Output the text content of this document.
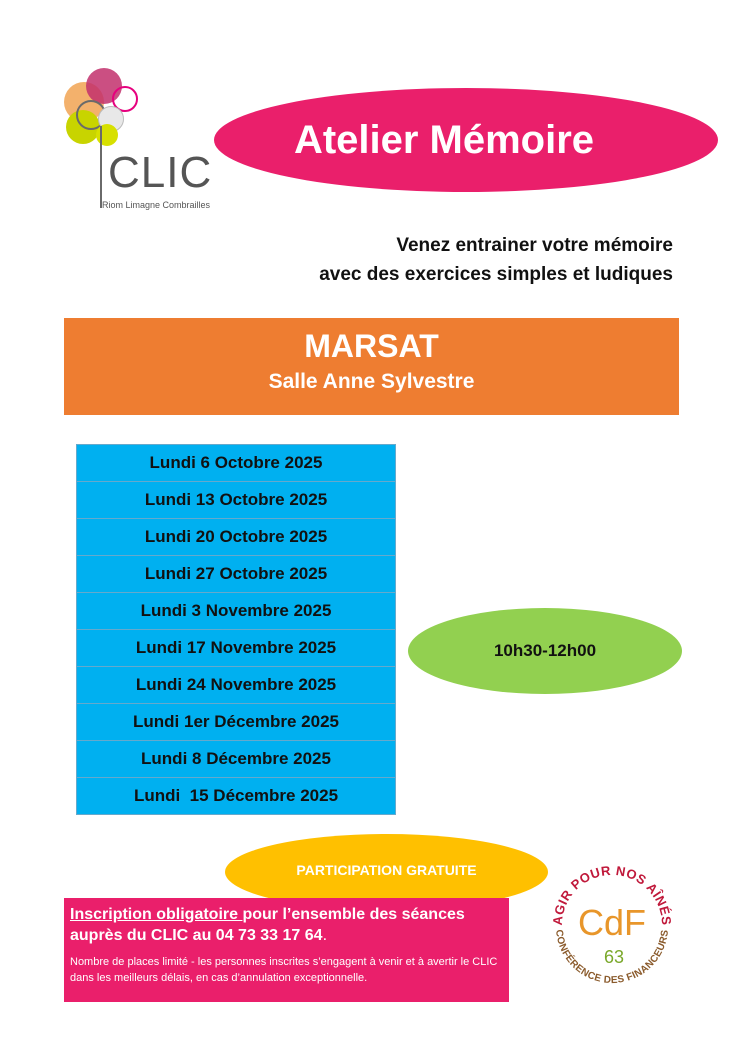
CLIC
Riom Limagne Combrailles
Atelier Mémoire
Venez entrainer votre mémoire
avec des exercices simples et ludiques
MARSAT
Salle Anne Sylvestre
Lundi 6 Octobre 2025
Lundi 13 Octobre 2025
Lundi 20 Octobre 2025
Lundi 27 Octobre 2025
Lundi 3 Novembre 2025
Lundi 17 Novembre 2025
Lundi 24 Novembre 2025
Lundi 1er Décembre 2025
Lundi 8 Décembre 2025
Lundi  15 Décembre 2025
10h30-12h00
PARTICIPATION GRATUITE
Inscription obligatoire pour l’ensemble des séances auprès du CLIC au 04 73 33 17 64.
Nombre de places limité - les personnes inscrites s’engagent à venir et à avertir le CLIC dans les meilleurs délais, en cas d’annulation exceptionnelle.
AGIR POUR NOS AÎNÉS
CONFÉRENCE DES FINANCEURS
CdF
63
